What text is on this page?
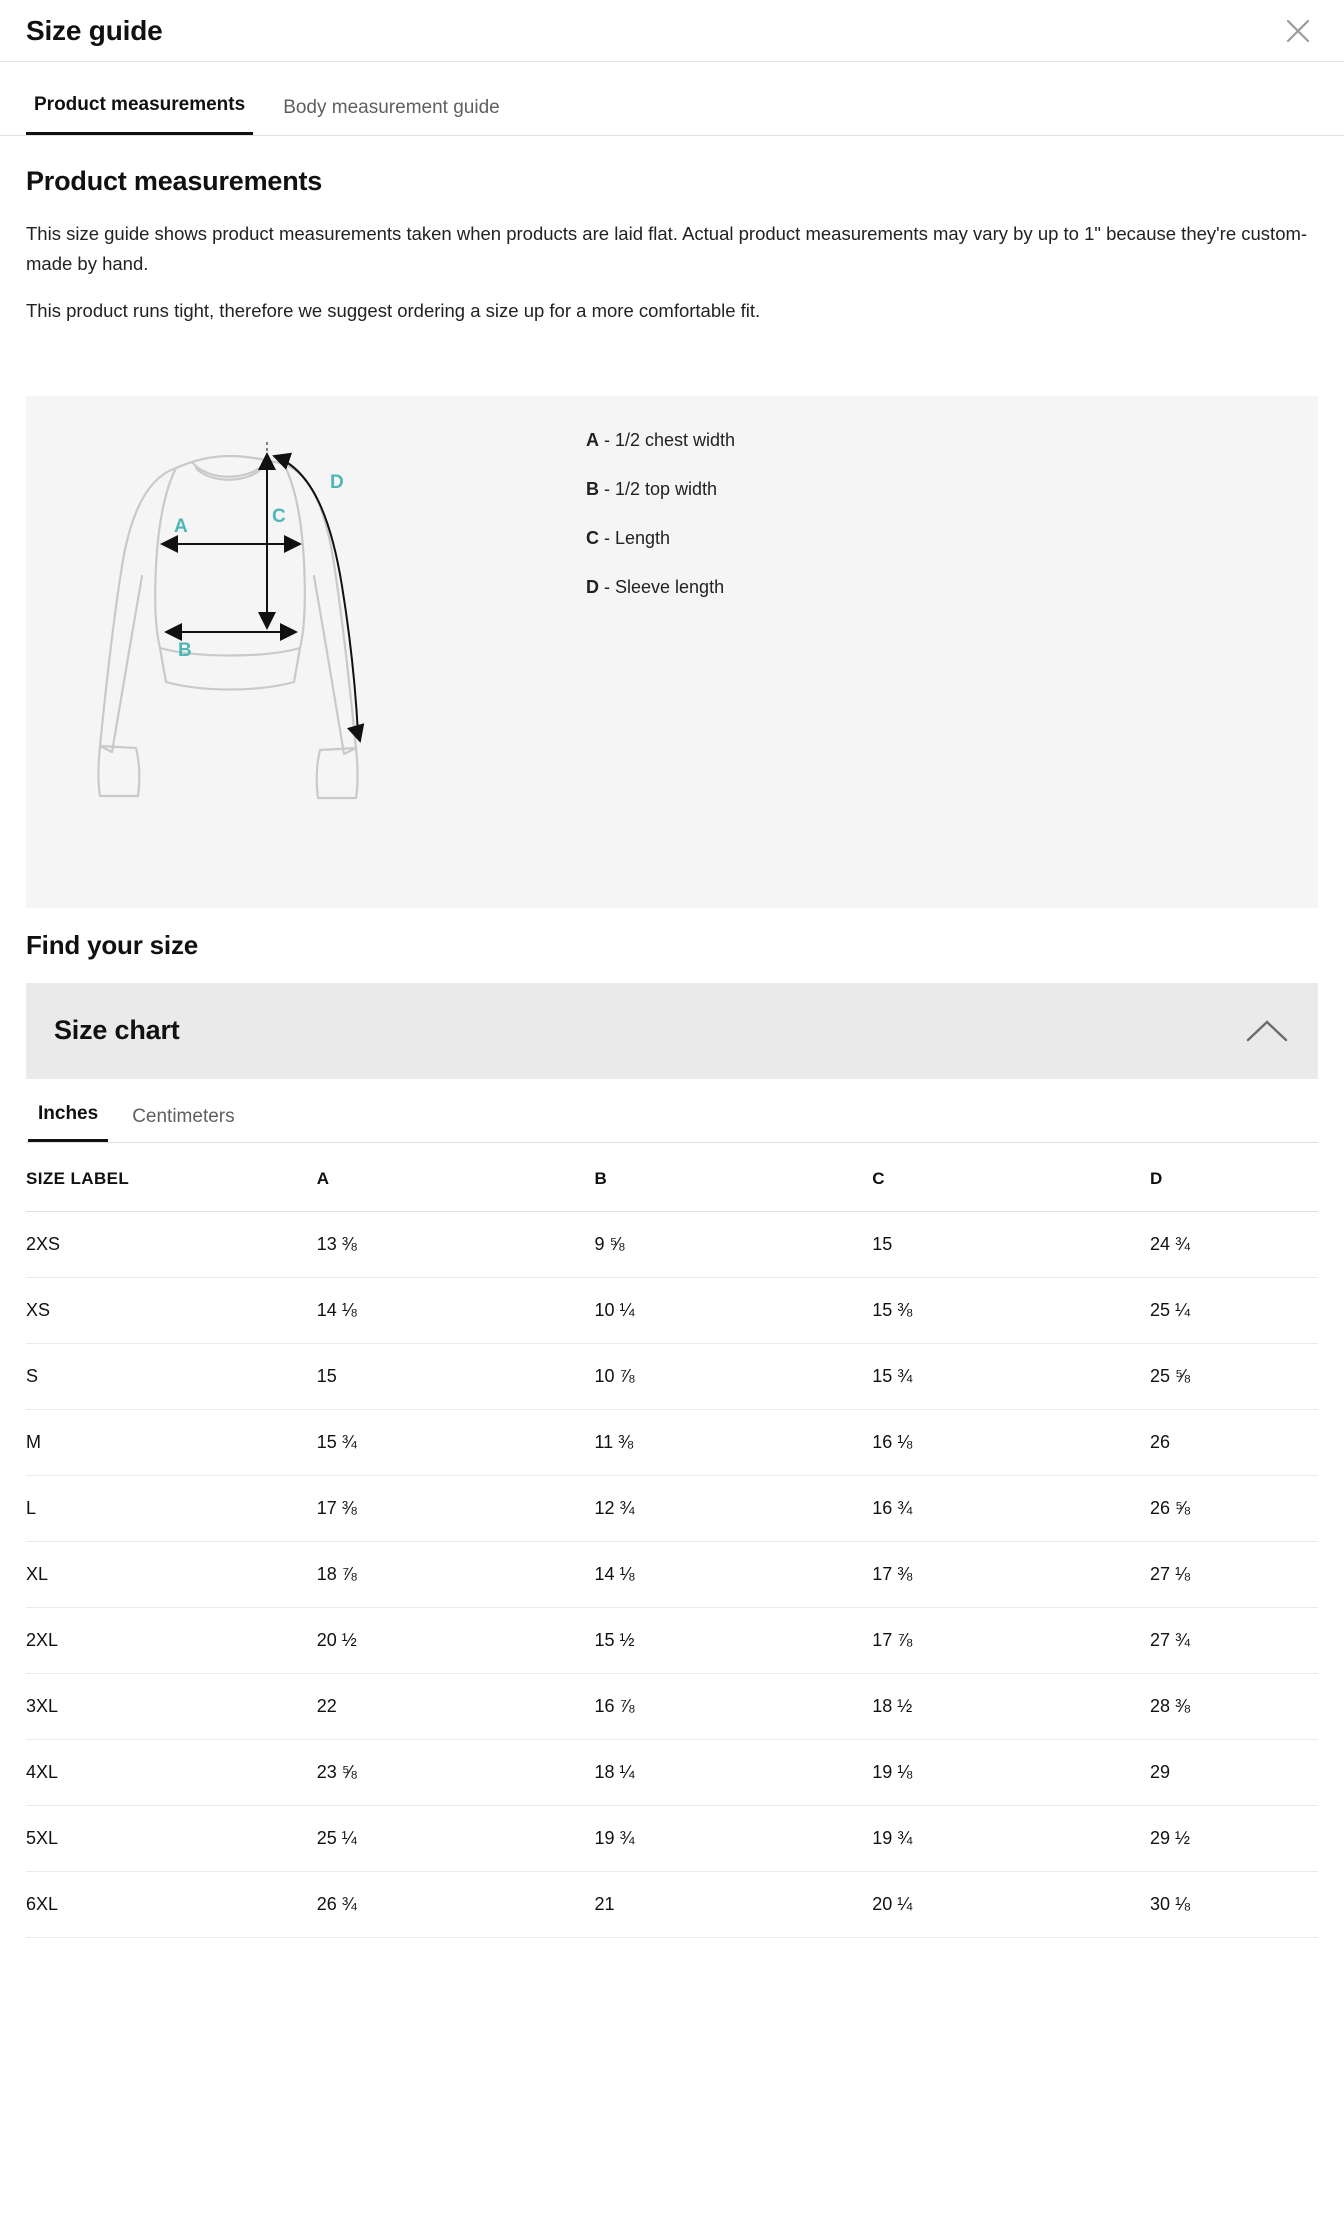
Size guide
Product measurements	Body measurement guide
Product measurements

This size guide shows product measurements taken when products are laid flat. Actual product measurements may vary by up to 1" because they're custom-made by hand.

This product runs tight, therefore we suggest ordering a size up for a more comfortable fit.

A
B
C
D
A - 1/2 chest width
B - 1/2 top width
C - Length
D - Sleeve length
Find your size
Size chart
Inches	Centimeters
SIZE LABEL	A	B	C	D
2XS	13 ⅜	9 ⅝	15	24 ¾
XS	14 ⅛	10 ¼	15 ⅜	25 ¼
S	15	10 ⅞	15 ¾	25 ⅝
M	15 ¾	11 ⅜	16 ⅛	26
L	17 ⅜	12 ¾	16 ¾	26 ⅝
XL	18 ⅞	14 ⅛	17 ⅜	27 ⅛
2XL	20 ½	15 ½	17 ⅞	27 ¾
3XL	22	16 ⅞	18 ½	28 ⅜
4XL	23 ⅝	18 ¼	19 ⅛	29
5XL	25 ¼	19 ¾	19 ¾	29 ½
6XL	26 ¾	21	20 ¼	30 ⅛
